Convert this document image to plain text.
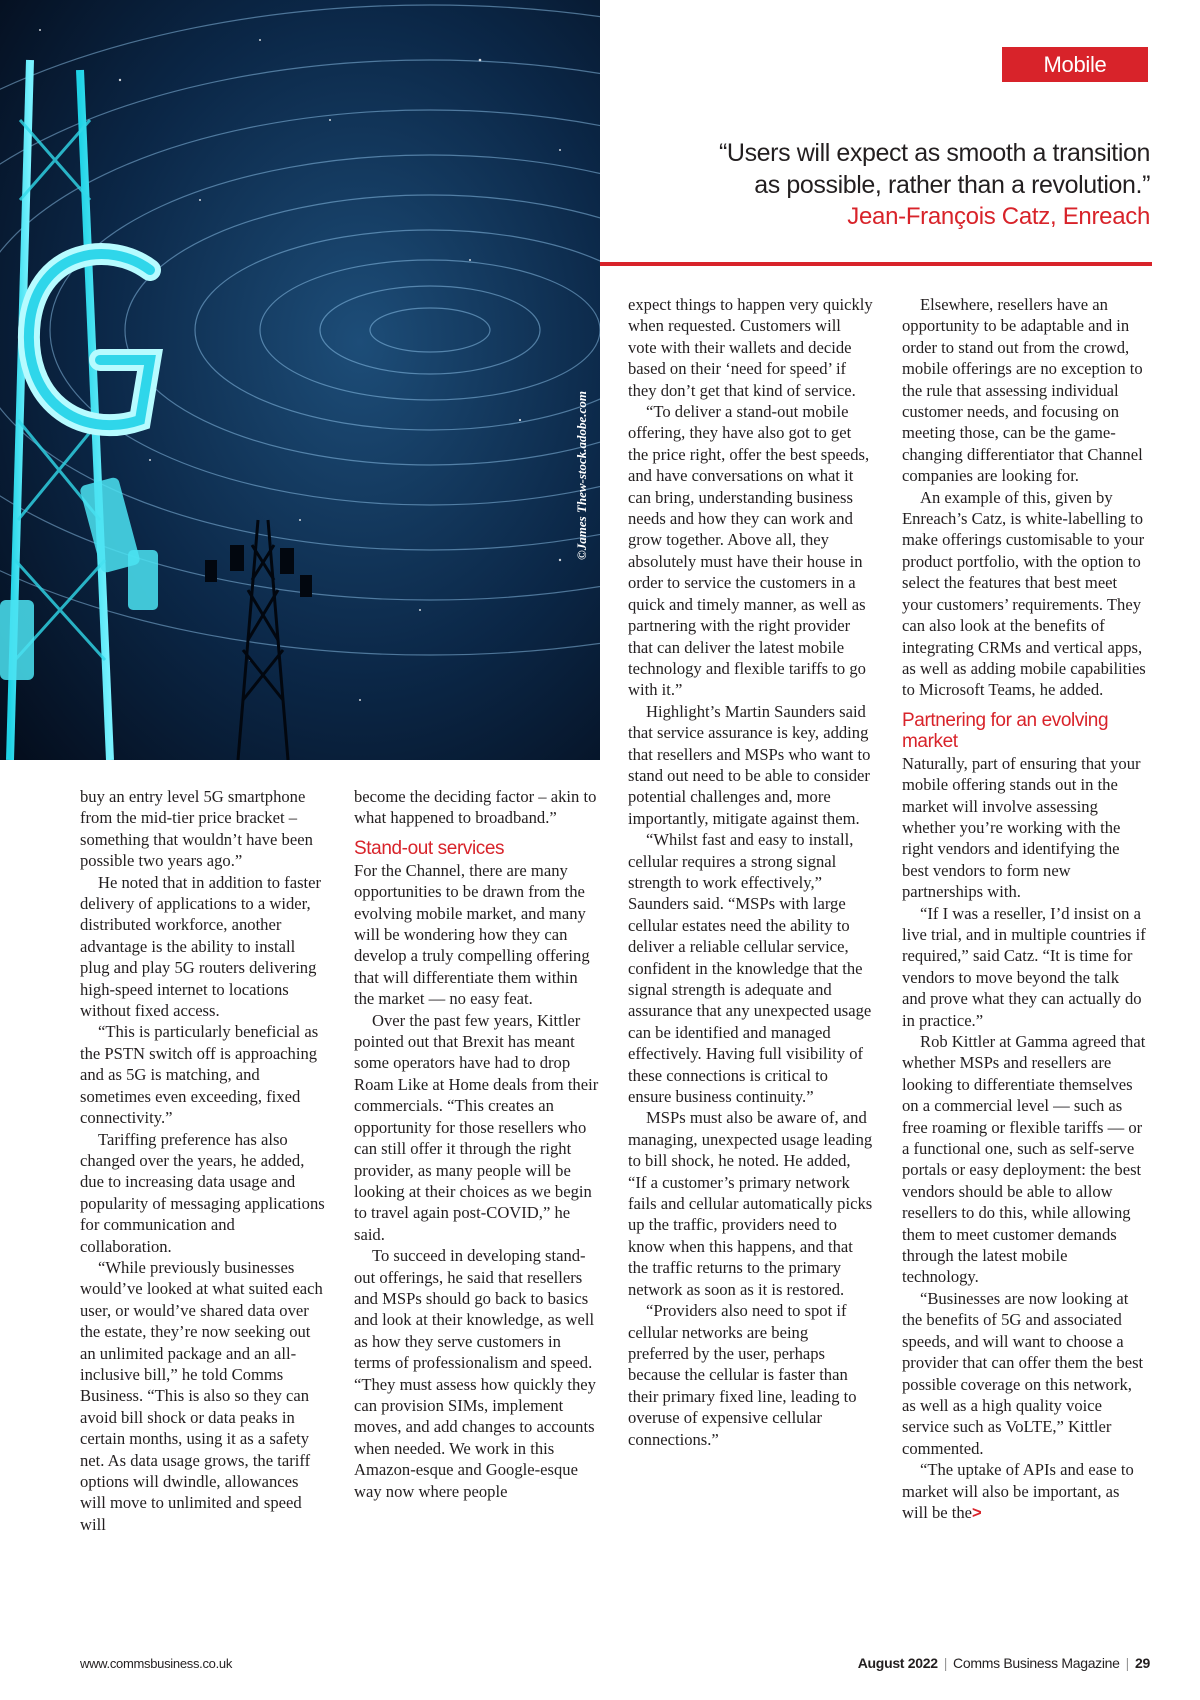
©James Thew-stock.adobe.com
Mobile FEATURE
“Users will expect as smooth a transition
as possible, rather than a revolution.”
Jean-François Catz, Enreach

buy an entry level 5G smartphone from the mid-tier price bracket – something that wouldn’t have been possible two years ago.”

He noted that in addition to faster delivery of applications to a wider, distributed workforce, another advantage is the ability to install plug and play 5G routers delivering high-speed internet to locations without fixed access.

“This is particularly beneficial as the PSTN switch off is approaching and as 5G is matching, and sometimes even exceeding, fixed connectivity.”

Tariffing preference has also changed over the years, he added, due to increasing data usage and popularity of messaging applications for communication and collaboration.

“While previously businesses would’ve looked at what suited each user, or would’ve shared data over the estate, they’re now seeking out an unlimited package and an all-inclusive bill,” he told Comms Business. “This is also so they can avoid bill shock or data peaks in certain months, using it as a safety net. As data usage grows, the tariff options will dwindle, allowances will move to unlimited and speed will

become the deciding factor – akin to what happened to broadband.”

Stand-out services

For the Channel, there are many opportunities to be drawn from the evolving mobile market, and many will be wondering how they can develop a truly compelling offering that will differentiate them within the market — no easy feat.

Over the past few years, Kittler pointed out that Brexit has meant some operators have had to drop Roam Like at Home deals from their commercials. “This creates an opportunity for those resellers who can still offer it through the right provider, as many people will be looking at their choices as we begin to travel again post-COVID,” he said.

To succeed in developing stand-out offerings, he said that resellers and MSPs should go back to basics and look at their knowledge, as well as how they serve customers in terms of professionalism and speed. “They must assess how quickly they can provision SIMs, implement moves, and add changes to accounts when needed. We work in this Amazon-esque and Google-esque way now where people

expect things to happen very quickly when requested. Customers will vote with their wallets and decide based on their ‘need for speed’ if they don’t get that kind of service.

“To deliver a stand-out mobile offering, they have also got to get the price right, offer the best speeds, and have conversations on what it can bring, understanding business needs and how they can work and grow together. Above all, they absolutely must have their house in order to service the customers in a quick and timely manner, as well as partnering with the right provider that can deliver the latest mobile technology and flexible tariffs to go with it.”

Highlight’s Martin Saunders said that service assurance is key, adding that resellers and MSPs who want to stand out need to be able to consider potential challenges and, more importantly, mitigate against them.

“Whilst fast and easy to install, cellular requires a strong signal strength to work effectively,” Saunders said. “MSPs with large cellular estates need the ability to deliver a reliable cellular service, confident in the knowledge that the signal strength is adequate and assurance that any unexpected usage can be identified and managed effectively. Having full visibility of these connections is critical to ensure business continuity.”

MSPs must also be aware of, and managing, unexpected usage leading to bill shock, he noted. He added, “If a customer’s primary network fails and cellular automatically picks up the traffic, providers need to know when this happens, and that the traffic returns to the primary network as soon as it is restored.

“Providers also need to spot if cellular networks are being preferred by the user, perhaps because the cellular is faster than their primary fixed line, leading to overuse of expensive cellular connections.”

Elsewhere, resellers have an opportunity to be adaptable and in order to stand out from the crowd, mobile offerings are no exception to the rule that assessing individual customer needs, and focusing on meeting those, can be the game-changing differentiator that Channel companies are looking for.

An example of this, given by Enreach’s Catz, is white-labelling to make offerings customisable to your product portfolio, with the option to select the features that best meet your customers’ requirements. They can also look at the benefits of integrating CRMs and vertical apps, as well as adding mobile capabilities to Microsoft Teams, he added.

Partnering for an evolving market

Naturally, part of ensuring that your mobile offering stands out in the market will involve assessing whether you’re working with the right vendors and identifying the best vendors to form new partnerships with.

“If I was a reseller, I’d insist on a live trial, and in multiple countries if required,” said Catz. “It is time for vendors to move beyond the talk and prove what they can actually do in practice.”

Rob Kittler at Gamma agreed that whether MSPs and resellers are looking to differentiate themselves on a commercial level — such as free roaming or flexible tariffs — or a functional one, such as self-serve portals or easy deployment: the best vendors should be able to allow resellers to do this, while allowing them to meet customer demands through the latest mobile technology.

“Businesses are now looking at the benefits of 5G and associated speeds, and will want to choose a provider that can offer them the best possible coverage on this network, as well as a high quality voice service such as VoLTE,” Kittler commented.

“The uptake of APIs and ease to market will also be important, as will be the>

www.commsbusiness.co.uk	August 2022 | Comms Business Magazine | 29
